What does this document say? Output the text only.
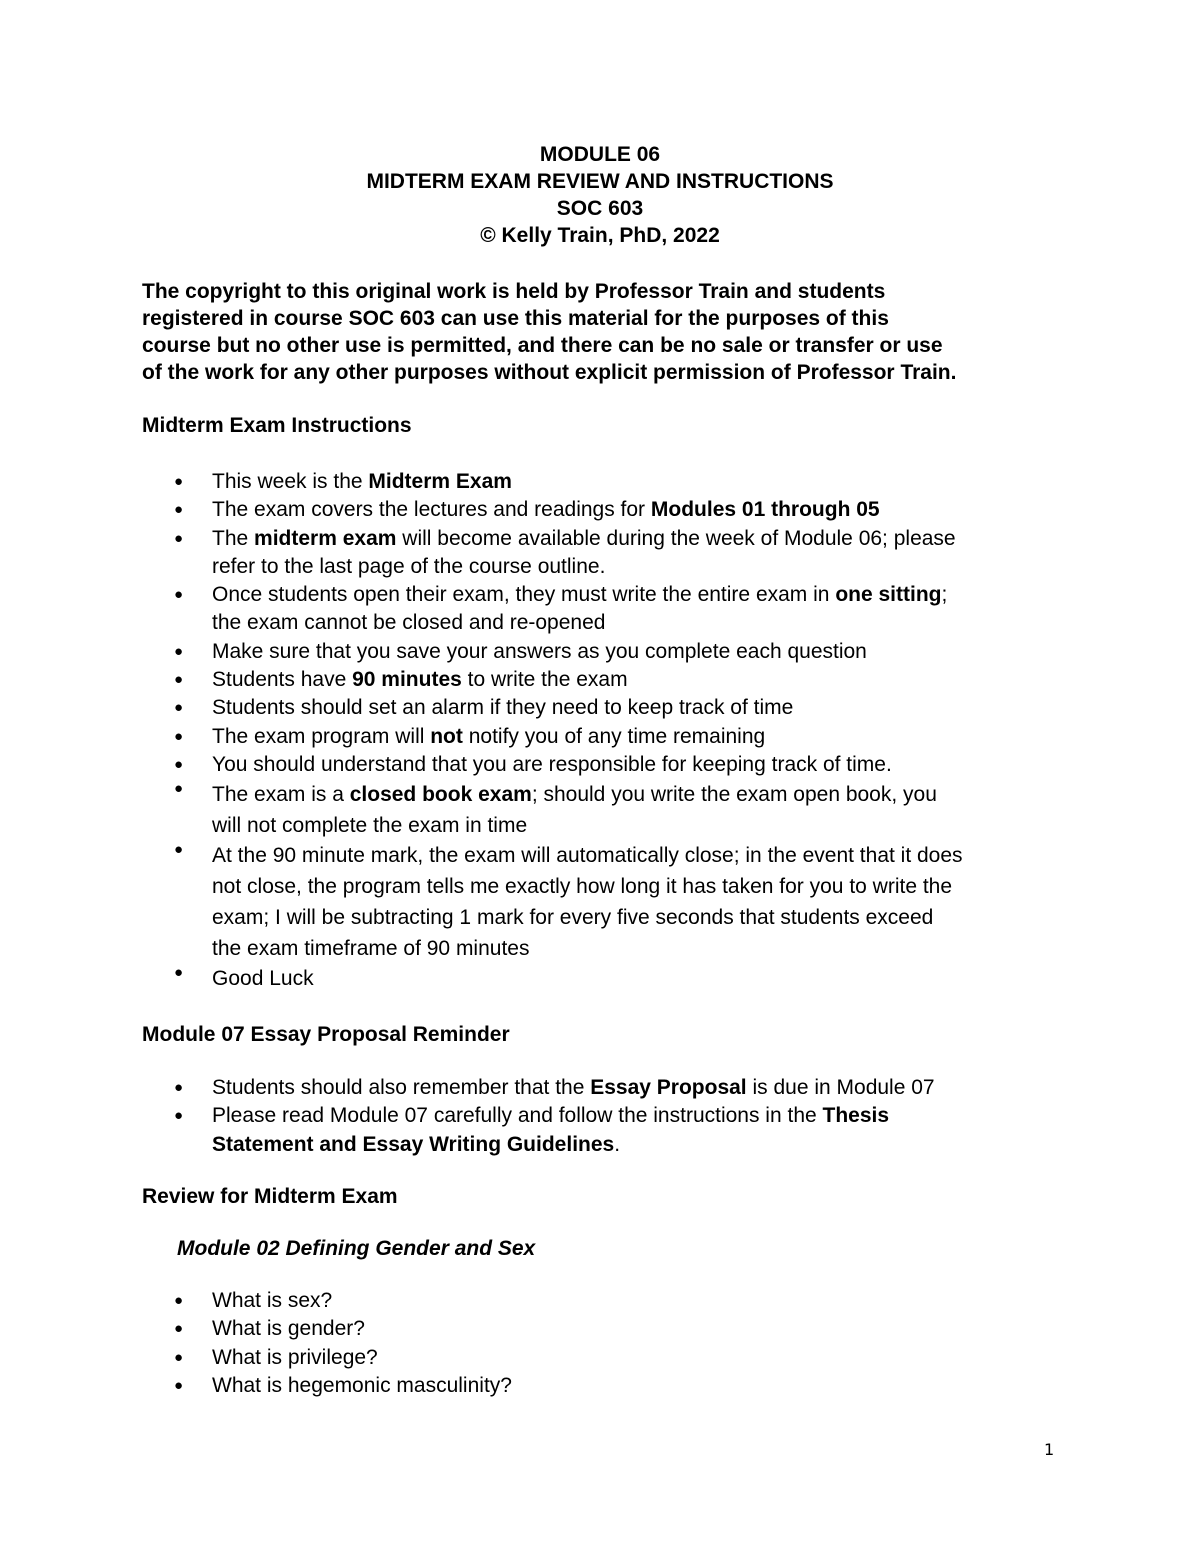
MODULE 06
MIDTERM EXAM REVIEW AND INSTRUCTIONS
SOC 603
© Kelly Train, PhD, 2022
The copyright to this original work is held by Professor Train and students
registered in course SOC 603 can use this material for the purposes of this
course but no other use is permitted, and there can be no sale or transfer or use
of the work for any other purposes without explicit permission of Professor Train.
Midterm Exam Instructions
● This week is the Midterm Exam
● The exam covers the lectures and readings for Modules 01 through 05
● The midterm exam will become available during the week of Module 06; please
refer to the last page of the course outline.
● Once students open their exam, they must write the entire exam in one sitting;
the exam cannot be closed and re-opened
● Make sure that you save your answers as you complete each question
● Students have 90 minutes to write the exam
● Students should set an alarm if they need to keep track of time
● The exam program will not notify you of any time remaining
● You should understand that you are responsible for keeping track of time.
● The exam is a closed book exam; should you write the exam open book, you
will not complete the exam in time
● At the 90 minute mark, the exam will automatically close; in the event that it does
not close, the program tells me exactly how long it has taken for you to write the
exam; I will be subtracting 1 mark for every five seconds that students exceed
the exam timeframe of 90 minutes
● Good Luck
Module 07 Essay Proposal Reminder
● Students should also remember that the Essay Proposal is due in Module 07
● Please read Module 07 carefully and follow the instructions in the Thesis
Statement and Essay Writing Guidelines.
Review for Midterm Exam
Module 02 Defining Gender and Sex
● What is sex?
● What is gender?
● What is privilege?
● What is hegemonic masculinity?
1
